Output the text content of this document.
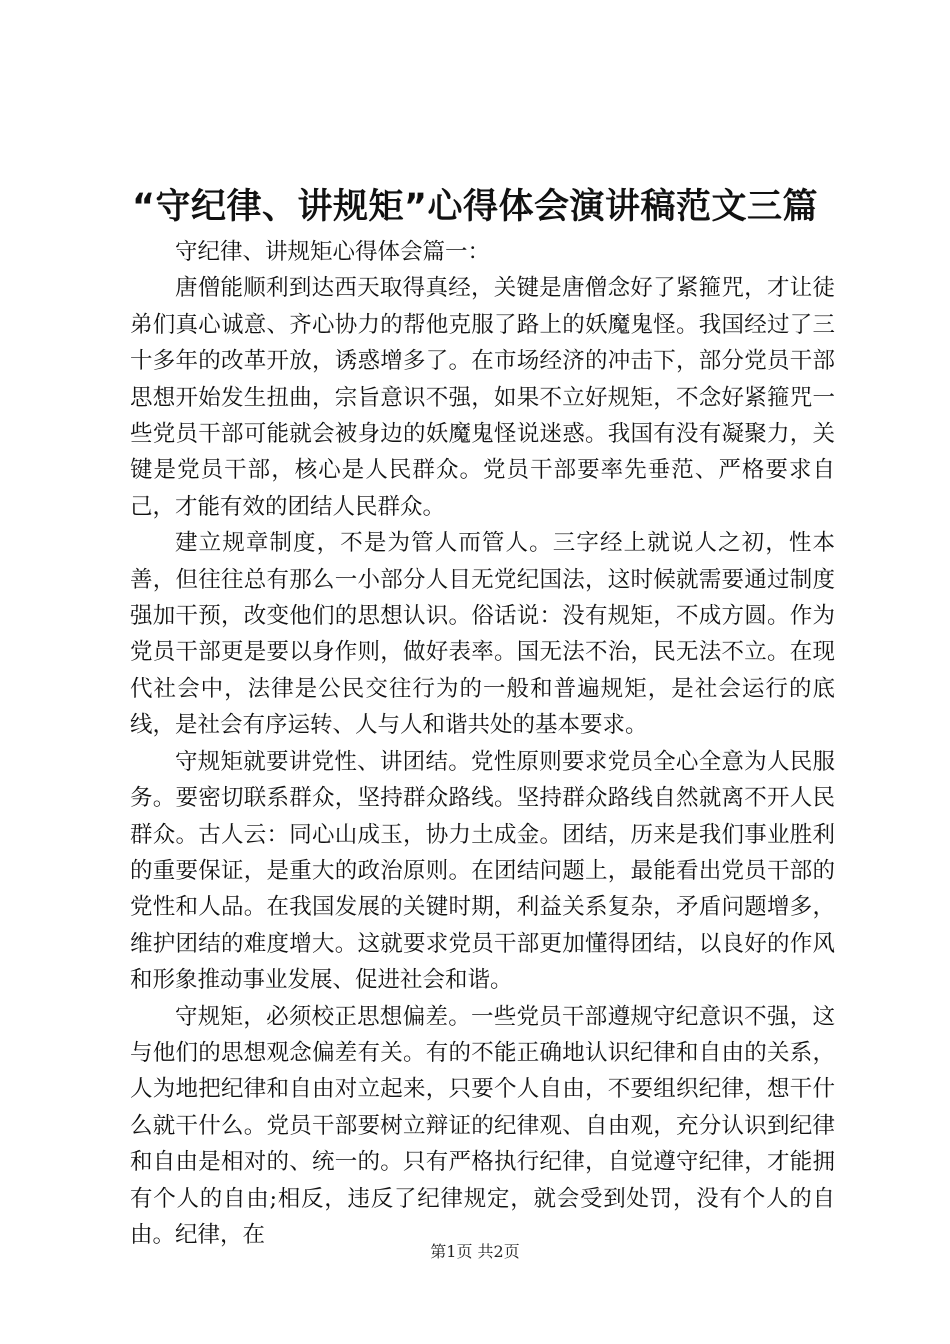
“守纪律、讲规矩”心得体会演讲稿范文三篇

守纪律、讲规矩心得体会篇一：

唐僧能顺利到达西天取得真经，关键是唐僧念好了紧箍咒，才让徒弟们真心诚意、齐心协力的帮他克服了路上的妖魔鬼怪。我国经过了三十多年的改革开放，诱惑增多了。在市场经济的冲击下，部分党员干部思想开始发生扭曲，宗旨意识不强，如果不立好规矩，不念好紧箍咒一些党员干部可能就会被身边的妖魔鬼怪说迷惑。我国有没有凝聚力，关键是党员干部，核心是人民群众。党员干部要率先垂范、严格要求自己，才能有效的团结人民群众。

建立规章制度，不是为管人而管人。三字经上就说人之初，性本善，但往往总有那么一小部分人目无党纪国法，这时候就需要通过制度强加干预，改变他们的思想认识。俗话说：没有规矩，不成方圆。作为党员干部更是要以身作则，做好表率。国无法不治，民无法不立。在现代社会中，法律是公民交往行为的一般和普遍规矩，是社会运行的底线，是社会有序运转、人与人和谐共处的基本要求。

守规矩就要讲党性、讲团结。党性原则要求党员全心全意为人民服务。要密切联系群众，坚持群众路线。坚持群众路线自然就离不开人民群众。古人云：同心山成玉，协力土成金。团结，历来是我们事业胜利的重要保证，是重大的政治原则。在团结问题上，最能看出党员干部的党性和人品。在我国发展的关键时期，利益关系复杂，矛盾问题增多，维护团结的难度增大。这就要求党员干部更加懂得团结，以良好的作风和形象推动事业发展、促进社会和谐。

守规矩，必须校正思想偏差。一些党员干部遵规守纪意识不强，这与他们的思想观念偏差有关。有的不能正确地认识纪律和自由的关系，人为地把纪律和自由对立起来，只要个人自由，不要组织纪律，想干什么就干什么。党员干部要树立辩证的纪律观、自由观，充分认识到纪律和自由是相对的、统一的。只有严格执行纪律，自觉遵守纪律，才能拥有个人的自由;相反，违反了纪律规定，就会受到处罚，没有个人的自由。纪律，在

第1页 共2页
